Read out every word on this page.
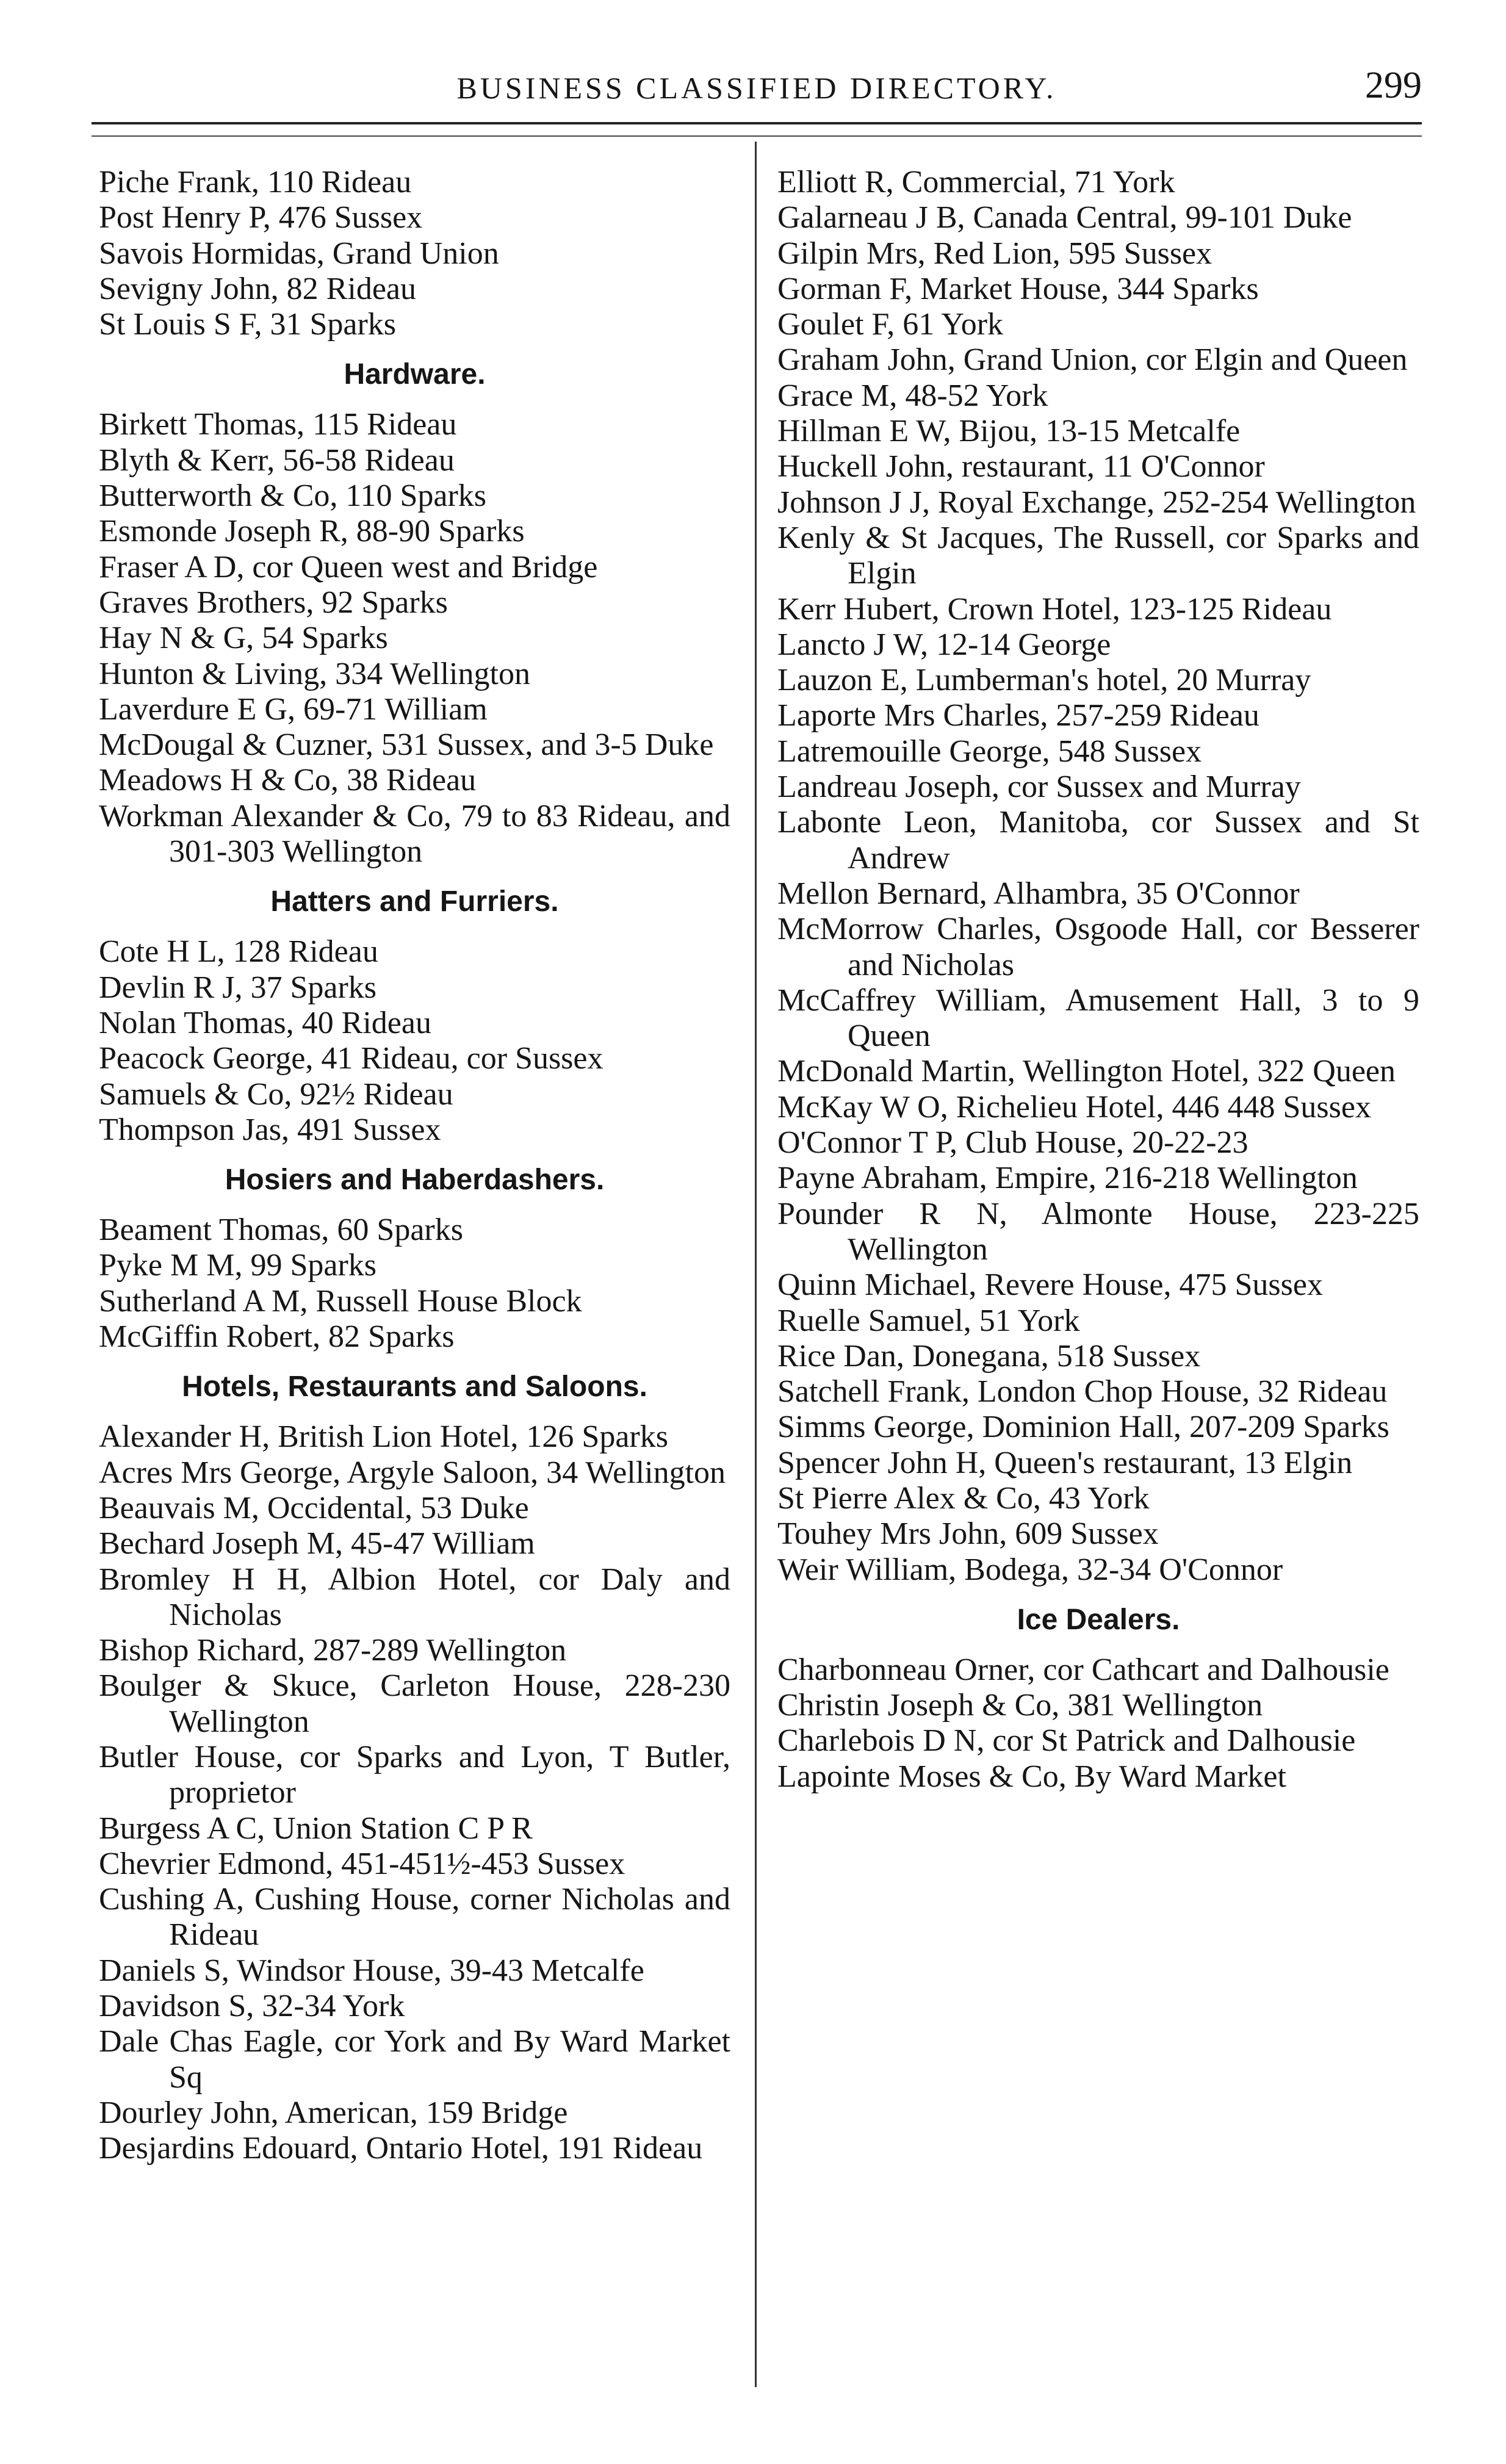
BUSINESS CLASSIFIED DIRECTORY.	299
Piche Frank, 110 Rideau
Post Henry P, 476 Sussex
Savois Hormidas, Grand Union
Sevigny John, 82 Rideau
St Louis S F, 31 Sparks
Hardware.
Birkett Thomas, 115 Rideau
Blyth & Kerr, 56-58 Rideau
Butterworth & Co, 110 Sparks
Esmonde Joseph R, 88-90 Sparks
Fraser A D, cor Queen west and Bridge
Graves Brothers, 92 Sparks
Hay N & G, 54 Sparks
Hunton & Living, 334 Wellington
Laverdure E G, 69-71 William
McDougal & Cuzner, 531 Sussex, and 3-5 Duke
Meadows H & Co, 38 Rideau
Workman Alexander & Co, 79 to 83 Rideau, and 301-303 Wellington
Hatters and Furriers.
Cote H L, 128 Rideau
Devlin R J, 37 Sparks
Nolan Thomas, 40 Rideau
Peacock George, 41 Rideau, cor Sussex
Samuels & Co, 92½ Rideau
Thompson Jas, 491 Sussex
Hosiers and Haberdashers.
Beament Thomas, 60 Sparks
Pyke M M, 99 Sparks
Sutherland A M, Russell House Block
McGiffin Robert, 82 Sparks
Hotels, Restaurants and Saloons.
Alexander H, British Lion Hotel, 126 Sparks
Acres Mrs George, Argyle Saloon, 34 Wellington
Beauvais M, Occidental, 53 Duke
Bechard Joseph M, 45-47 William
Bromley H H, Albion Hotel, cor Daly and Nicholas
Bishop Richard, 287-289 Wellington
Boulger & Skuce, Carleton House, 228-230 Wellington
Butler House, cor Sparks and Lyon, T Butler, proprietor
Burgess A C, Union Station C P R
Chevrier Edmond, 451-451½-453 Sussex
Cushing A, Cushing House, corner Nicholas and Rideau
Daniels S, Windsor House, 39-43 Metcalfe
Davidson S, 32-34 York
Dale Chas Eagle, cor York and By Ward Market Sq
Dourley John, American, 159 Bridge
Desjardins Edouard, Ontario Hotel, 191 Rideau
Elliott R, Commercial, 71 York
Galarneau J B, Canada Central, 99-101 Duke
Gilpin Mrs, Red Lion, 595 Sussex
Gorman F, Market House, 344 Sparks
Goulet F, 61 York
Graham John, Grand Union, cor Elgin and Queen
Grace M, 48-52 York
Hillman E W, Bijou, 13-15 Metcalfe
Huckell John, restaurant, 11 O'Connor
Johnson J J, Royal Exchange, 252-254 Wellington
Kenly & St Jacques, The Russell, cor Sparks and Elgin
Kerr Hubert, Crown Hotel, 123-125 Rideau
Lancto J W, 12-14 George
Lauzon E, Lumberman's hotel, 20 Murray
Laporte Mrs Charles, 257-259 Rideau
Latremouille George, 548 Sussex
Landreau Joseph, cor Sussex and Murray
Labonte Leon, Manitoba, cor Sussex and St Andrew
Mellon Bernard, Alhambra, 35 O'Connor
McMorrow Charles, Osgoode Hall, cor Besserer and Nicholas
McCaffrey William, Amusement Hall, 3 to 9 Queen
McDonald Martin, Wellington Hotel, 322 Queen
McKay W O, Richelieu Hotel, 446 448 Sussex
O'Connor T P, Club House, 20-22-23
Payne Abraham, Empire, 216-218 Wellington
Pounder R N, Almonte House, 223-225 Wellington
Quinn Michael, Revere House, 475 Sussex
Ruelle Samuel, 51 York
Rice Dan, Donegana, 518 Sussex
Satchell Frank, London Chop House, 32 Rideau
Simms George, Dominion Hall, 207-209 Sparks
Spencer John H, Queen's restaurant, 13 Elgin
St Pierre Alex & Co, 43 York
Touhey Mrs John, 609 Sussex
Weir William, Bodega, 32-34 O'Connor
Ice Dealers.
Charbonneau Orner, cor Cathcart and Dalhousie
Christin Joseph & Co, 381 Wellington
Charlebois D N, cor St Patrick and Dalhousie
Lapointe Moses & Co, By Ward Market
